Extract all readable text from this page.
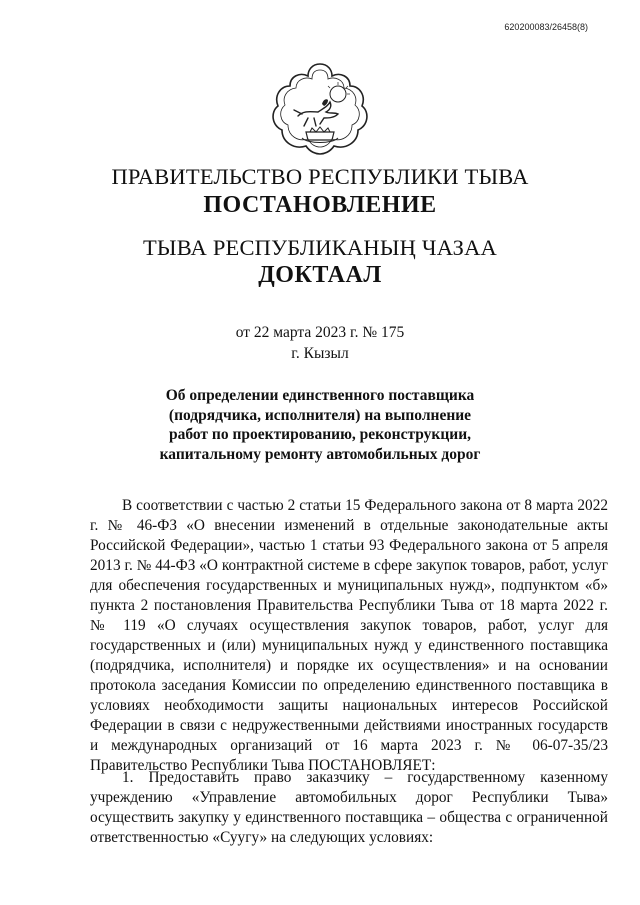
620200083/26458(8)
ПРАВИТЕЛЬСТВО РЕСПУБЛИКИ ТЫВА
ПОСТАНОВЛЕНИЕ
ТЫВА РЕСПУБЛИКАНЫҢ ЧАЗАА
ДОКТААЛ
от 22 марта 2023 г. № 175
г. Кызыл
Об определении единственного поставщика (подрядчика, исполнителя) на выполнение работ по проектированию, реконструкции, капитальному ремонту автомобильных дорог
В соответствии с частью 2 статьи 15 Федерального закона от 8 марта 2022 г. № 46-ФЗ «О внесении изменений в отдельные законодательные акты Российской Федерации», частью 1 статьи 93 Федерального закона от 5 апреля 2013 г. № 44-ФЗ «О контрактной системе в сфере закупок товаров, работ, услуг для обеспечения государственных и муниципальных нужд», подпунктом «б» пункта 2 постановления Правительства Республики Тыва от 18 марта 2022 г. № 119 «О случаях осуществления закупок товаров, работ, услуг для государственных и (или) муниципальных нужд у единственного поставщика (подрядчика, исполнителя) и порядке их осуществления» и на основании протокола заседания Комиссии по определению единственного поставщика в условиях необходимости защиты национальных интересов Российской Федерации в связи с недружественными действиями иностранных государств и международных организаций от 16 марта 2023 г. № 06-07-35/23 Правительство Республики Тыва ПОСТАНОВЛЯЕТ:
1. Предоставить право заказчику – государственному казенному учреждению «Управление автомобильных дорог Республики Тыва» осуществить закупку у единственного поставщика – общества с ограниченной ответственностью «Суугу» на следующих условиях:
